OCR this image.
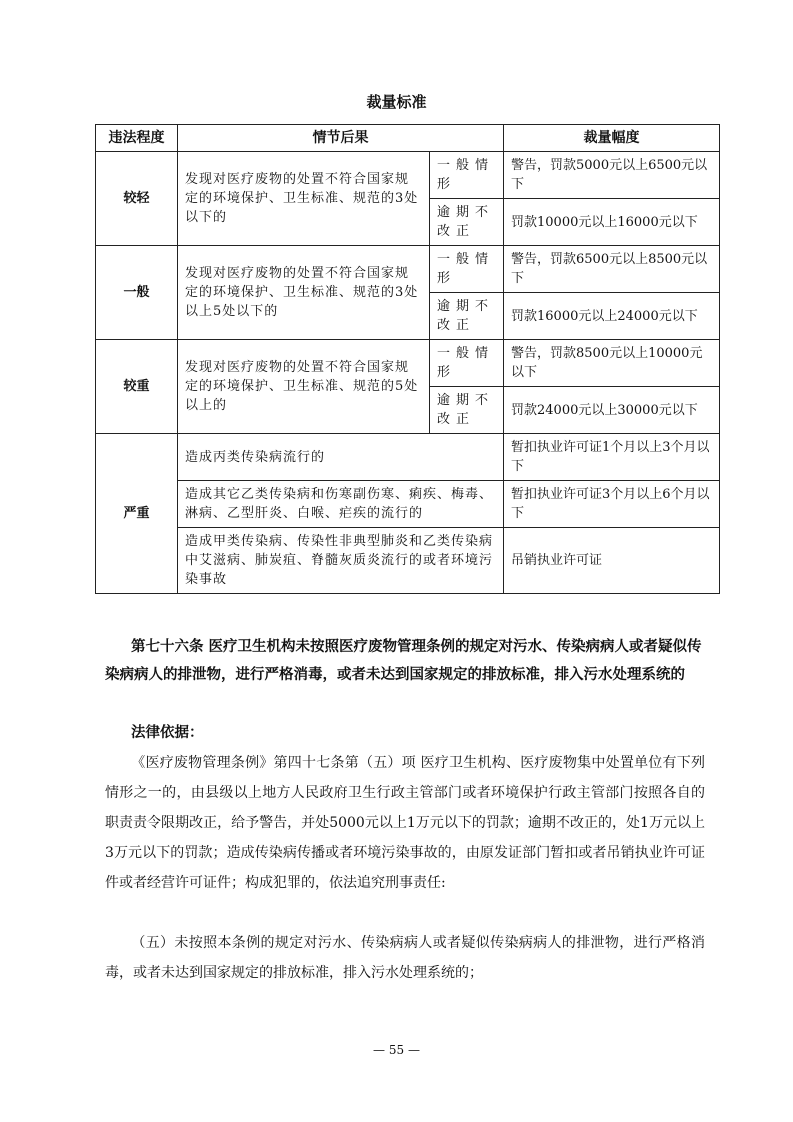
裁量标准
违法程度	情节后果		裁量幅度
较轻	发现对医疗废物的处置不符合国家规定的环境保护、卫生标准、规范的3处以下的	一般情形	警告，罚款5000元以上6500元以下
		逾期不改正	罚款10000元以上16000元以下
一般	发现对医疗废物的处置不符合国家规定的环境保护、卫生标准、规范的3处以上5处以下的	一般情形	警告，罚款6500元以上8500元以下
		逾期不改正	罚款16000元以上24000元以下
较重	发现对医疗废物的处置不符合国家规定的环境保护、卫生标准、规范的5处以上的	一般情形	警告，罚款8500元以上10000元以下
		逾期不改正	罚款24000元以上30000元以下
严重	造成丙类传染病流行的		暂扣执业许可证1个月以上3个月以下
	造成其它乙类传染病和伤寒副伤寒、痢疾、梅毒、淋病、乙型肝炎、白喉、疟疾的流行的		暂扣执业许可证3个月以上6个月以下
	造成甲类传染病、传染性非典型肺炎和乙类传染病中艾滋病、肺炭疽、脊髓灰质炎流行的或者环境污染事故		吊销执业许可证
第七十六条 医疗卫生机构未按照医疗废物管理条例的规定对污水、传染病病人或者疑似传染病病人的排泄物，进行严格消毒，或者未达到国家规定的排放标准，排入污水处理系统的
法律依据：
《医疗废物管理条例》第四十七条第（五）项 医疗卫生机构、医疗废物集中处置单位有下列情形之一的，由县级以上地方人民政府卫生行政主管部门或者环境保护行政主管部门按照各自的职责责令限期改正，给予警告，并处5000元以上1万元以下的罚款；逾期不改正的，处1万元以上3万元以下的罚款；造成传染病传播或者环境污染事故的，由原发证部门暂扣或者吊销执业许可证件或者经营许可证件；构成犯罪的，依法追究刑事责任:
（五）未按照本条例的规定对污水、传染病病人或者疑似传染病病人的排泄物，进行严格消毒，或者未达到国家规定的排放标准，排入污水处理系统的；
— 55 —
